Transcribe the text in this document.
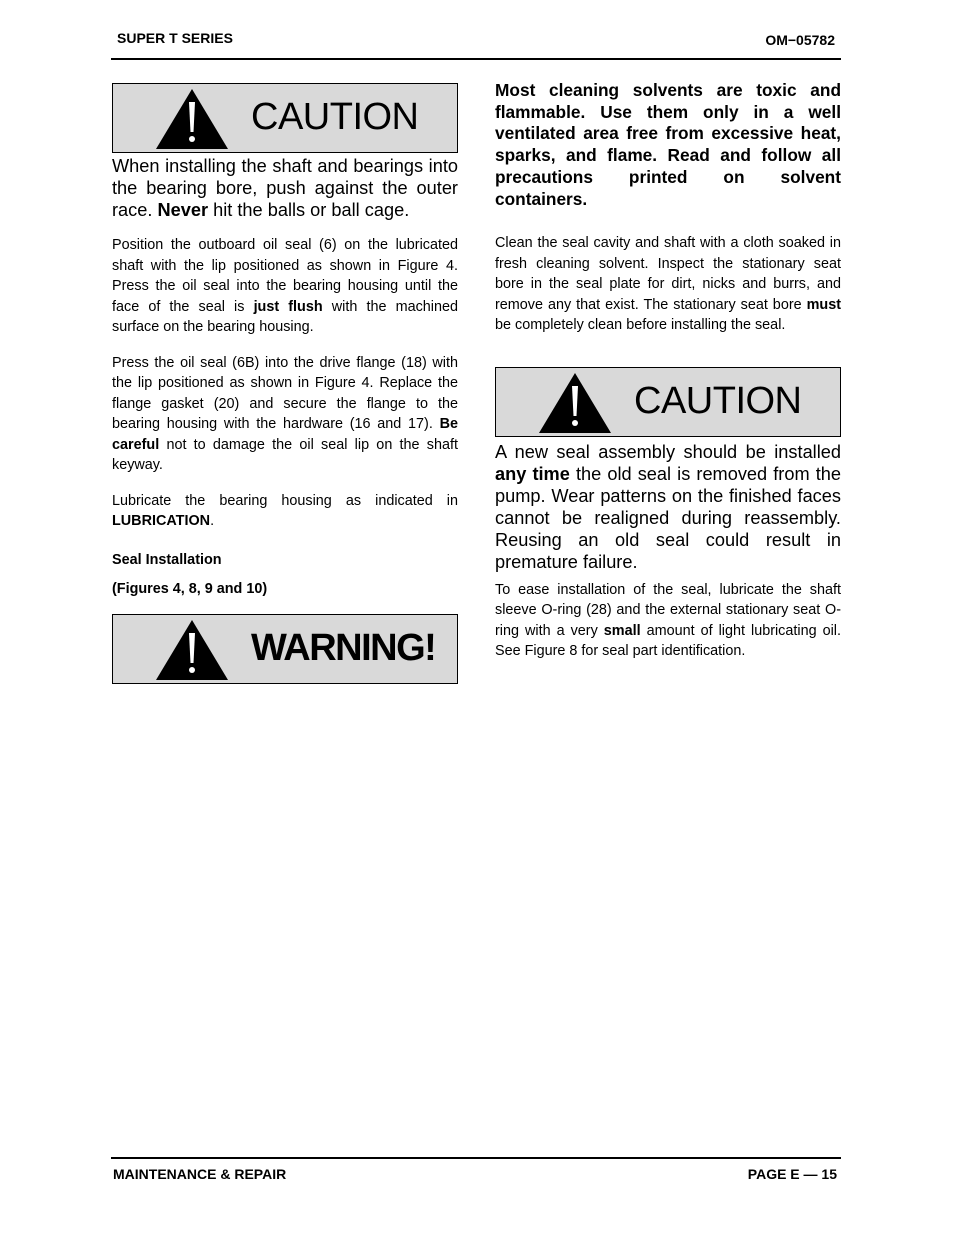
SUPER T SERIES	OM−05782
CAUTION

When installing the shaft and bearings into the bearing bore, push against the outer race. Never hit the balls or ball cage.

Position the outboard oil seal (6) on the lubricated shaft with the lip positioned as shown in Figure 4. Press the oil seal into the bearing housing until the face of the seal is just flush with the machined surface on the bearing housing.

Press the oil seal (6B) into the drive flange (18) with the lip positioned as shown in Figure 4. Replace the flange gasket (20) and secure the flange to the bearing housing with the hardware (16 and 17). Be careful not to damage the oil seal lip on the shaft keyway.

Lubricate the bearing housing as indicated in LUBRICATION.

Seal Installation

(Figures 4, 8, 9 and 10)

WARNING!

Most cleaning solvents are toxic and flammable. Use them only in a well ventilated area free from excessive heat, sparks, and flame. Read and follow all precautions printed on solvent containers.

Clean the seal cavity and shaft with a cloth soaked in fresh cleaning solvent. Inspect the stationary seat bore in the seal plate for dirt, nicks and burrs, and remove any that exist. The stationary seat bore must be completely clean before installing the seal.

CAUTION

A new seal assembly should be installed any time the old seal is removed from the pump. Wear patterns on the finished faces cannot be realigned during reassembly. Reusing an old seal could result in premature failure.

To ease installation of the seal, lubricate the shaft sleeve O-ring (28) and the external stationary seat O-ring with a very small amount of light lubricating oil. See Figure 8 for seal part identification.

MAINTENANCE & REPAIR	PAGE E — 15
